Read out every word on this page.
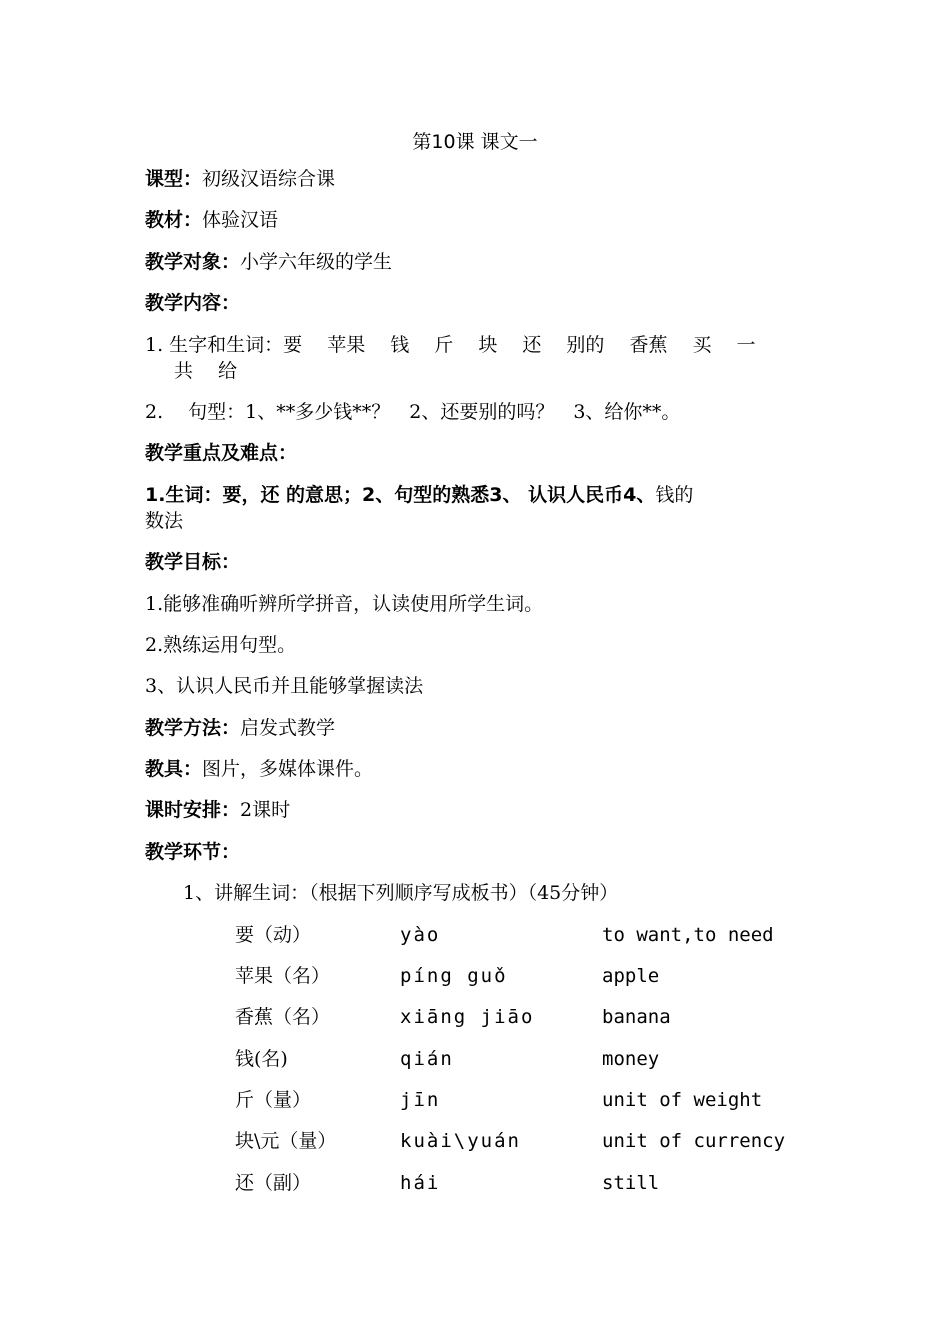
第10课 课文一
课型：初级汉语综合课
教材：体验汉语
教学对象：小学六年级的学生
教学内容：
1. 生字和生词：要　 苹果　 钱　 斤　 块　 还　 别的　 香蕉　 买　 一
共　 给
2.　 句型：1、**多少钱**？　2、还要别的吗？　3、给你**。
教学重点及难点：
1.生词：要，还 的意思；2、句型的熟悉3、 认识人民币4、钱的
数法
教学目标：
1.能够准确听辨所学拼音，认读使用所学生词。
2.熟练运用句型。
3、认识人民币并且能够掌握读法
教学方法：启发式教学
教具：图片，多媒体课件。
课时安排：2课时
教学环节：
1、讲解生词：（根据下列顺序写成板书）（45分钟）
要（动）	yào	to want,to need
苹果（名）	píng guǒ	apple
香蕉（名）	xiāng jiāo	banana
钱(名)	qián	money
斤（量）	jīn	unit of weight
块\元（量）	kuài\yuán	unit of currency
还（副）	hái	still
